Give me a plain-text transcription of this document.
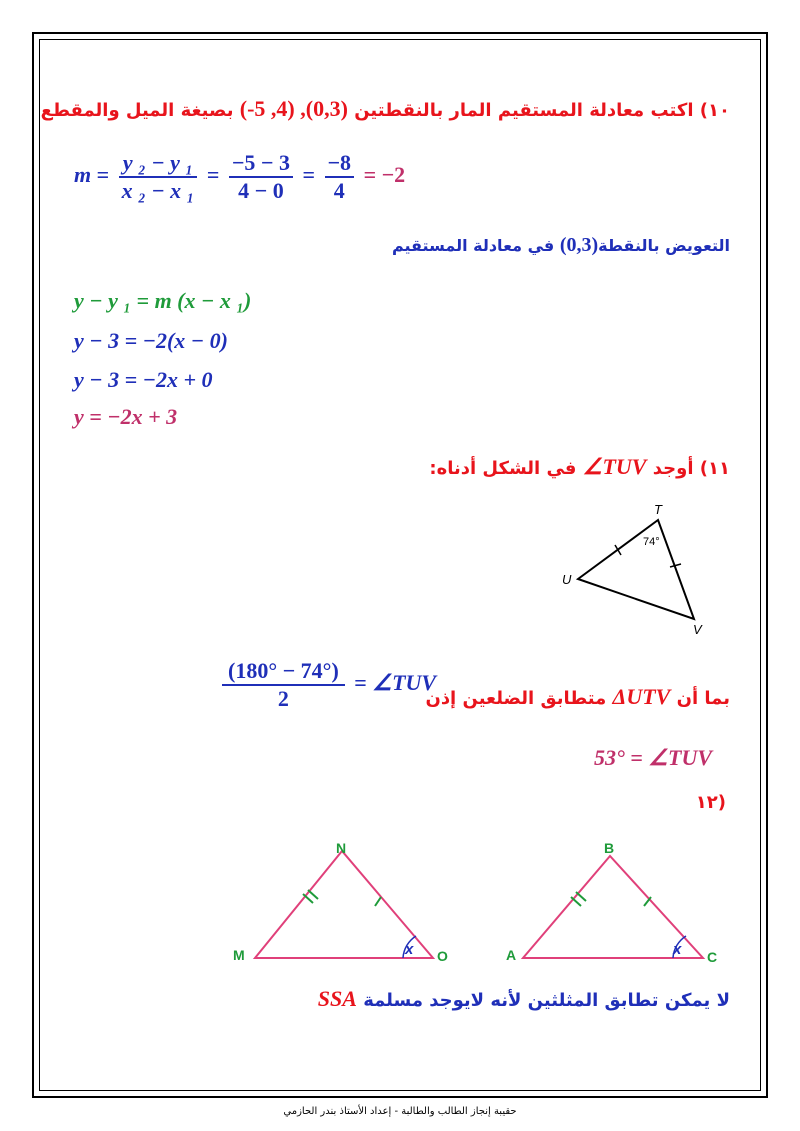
١٠) اكتب معادلة المستقيم المار بالنقطتين (-5 ,4) ,(0,3) بصيغة الميل والمقطع
$m = \frac{\text{y ₂ − y ₁}}{\text{x ₂ − x ₁}} = \frac{-5 - 3}{4 - 0} = \frac{-8}{4} = -2$
التعويض بالنقطة(0,3) في معادلة المستقيم
y − y ₁ = m (x − x ₁)
y − 3 = −2(x − 0)
y − 3 = −2x + 0
y = −2x + 3
١١) أوجد ∠TUV في الشكل أدناه:
T
U
V
74°
بما أن ΔUTV متطابق الضلعين إذن
$\frac{(180^\circ - 74^\circ)}{2}$ = ∠TUV
53° = ∠TUV
(١٢
N
M	O
x
B
A	C
x
لا يمكن تطابق المثلثين لأنه لايوجد مسلمة SSA
حقيبة إنجاز الطالب والطالبة - إعداد الأستاذ بندر الحازمي
